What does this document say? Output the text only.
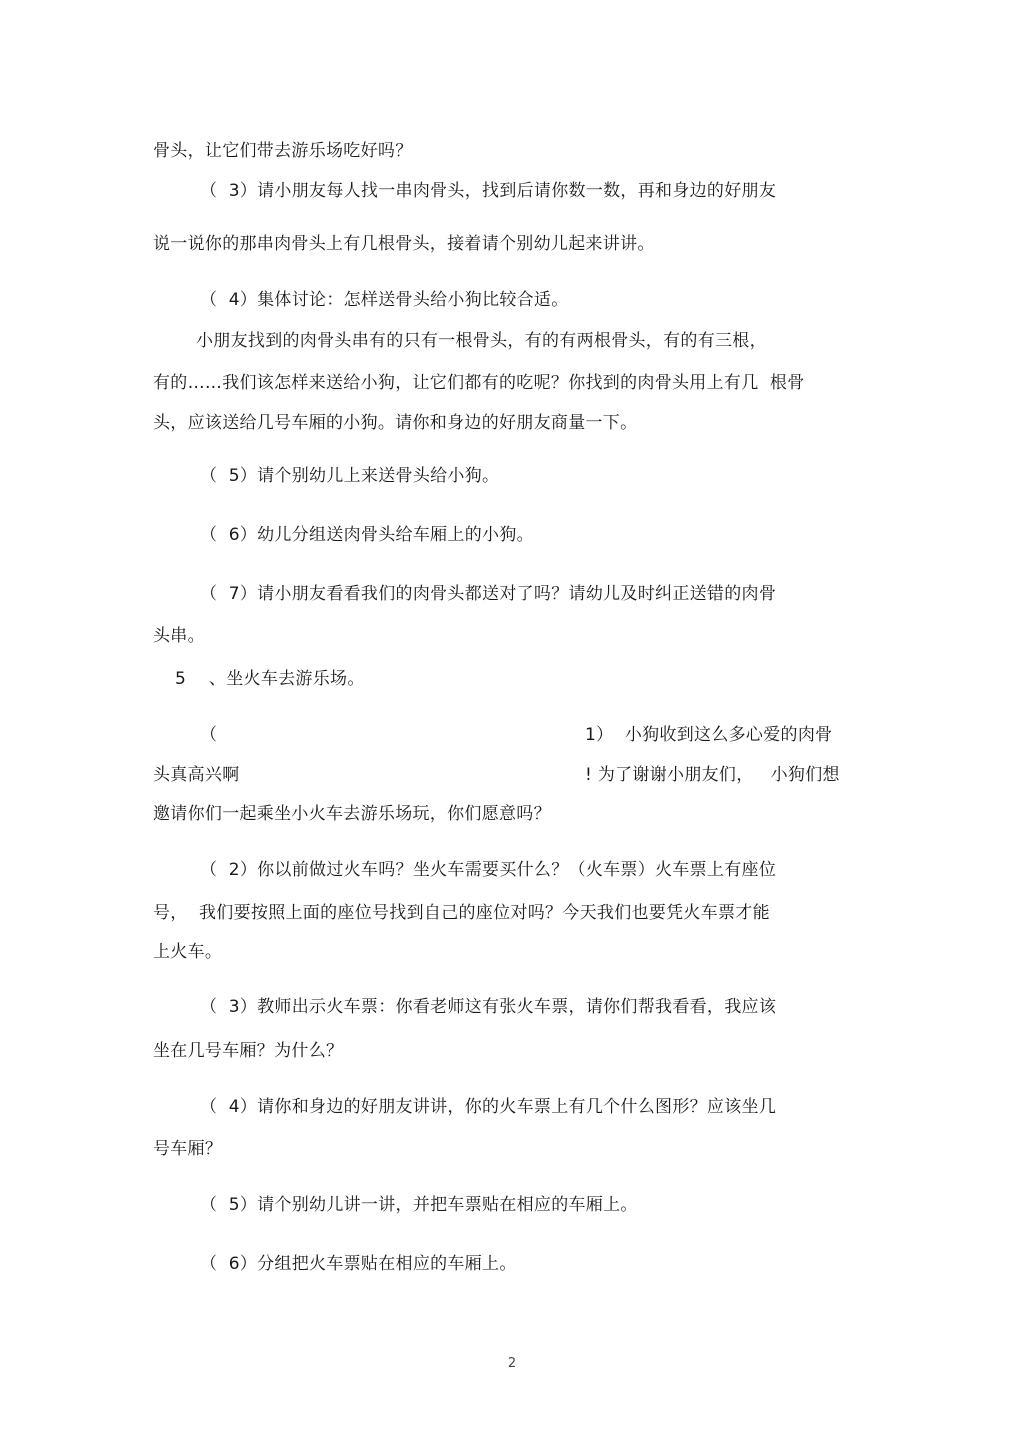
骨头，让它们带去游乐场吃好吗？
（  3）请小朋友每人找一串肉骨头，找到后请你数一数，再和身边的好朋友
说一说你的那串肉骨头上有几根骨头，接着请个别幼儿起来讲讲。
（  4）集体讨论：怎样送骨头给小狗比较合适。
小朋友找到的肉骨头串有的只有一根骨头，有的有两根骨头，有的有三根，
有的……我们该怎样来送给小狗，让它们都有的吃呢？你找到的肉骨头用上有几  根骨
头，应该送给几号车厢的小狗。请你和身边的好朋友商量一下。
（  5）请个别幼儿上来送骨头给小狗。
（  6）幼儿分组送肉骨头给车厢上的小狗。
（  7）请小朋友看看我们的肉骨头都送对了吗？请幼儿及时纠正送错的肉骨
头串。
5    、坐火车去游乐场。
（	1）  小狗收到这么多心爱的肉骨
头真高兴啊	! 为了谢谢小朋友们，   小狗们想
邀请你们一起乘坐小火车去游乐场玩，你们愿意吗？
（  2）你以前做过火车吗？坐火车需要买什么？（火车票）火车票上有座位
号，  我们要按照上面的座位号找到自己的座位对吗？今天我们也要凭火车票才能
上火车。
（  3）教师出示火车票：你看老师这有张火车票，请你们帮我看看，我应该
坐在几号车厢？为什么？
（  4）请你和身边的好朋友讲讲，你的火车票上有几个什么图形？应该坐几
号车厢？
（  5）请个别幼儿讲一讲，并把车票贴在相应的车厢上。
（  6）分组把火车票贴在相应的车厢上。
2
